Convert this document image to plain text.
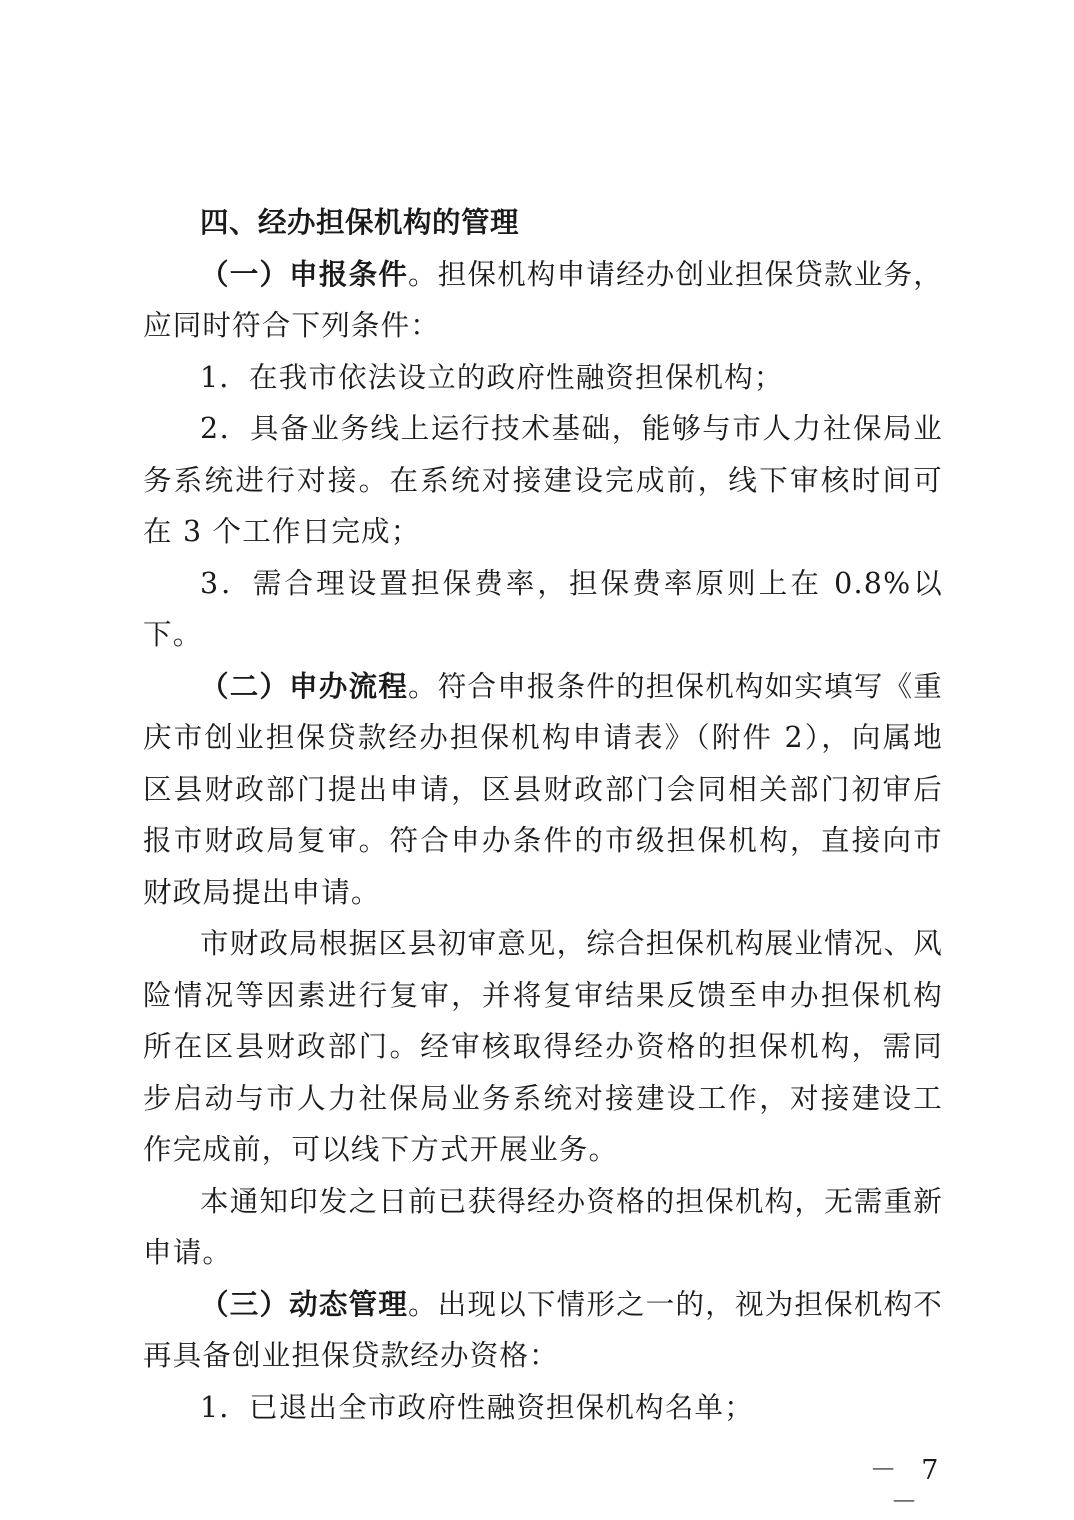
四、经办担保机构的管理

（一）申报条件。担保机构申请经办创业担保贷款业务，应同时符合下列条件：

1．在我市依法设立的政府性融资担保机构；

2．具备业务线上运行技术基础，能够与市人力社保局业务系统进行对接。在系统对接建设完成前，线下审核时间可在 3 个工作日完成；

3．需合理设置担保费率，担保费率原则上在 0.8%以下。

（二）申办流程。符合申报条件的担保机构如实填写《重庆市创业担保贷款经办担保机构申请表》（附件 2），向属地区县财政部门提出申请，区县财政部门会同相关部门初审后报市财政局复审。符合申办条件的市级担保机构，直接向市财政局提出申请。

市财政局根据区县初审意见，综合担保机构展业情况、风险情况等因素进行复审，并将复审结果反馈至申办担保机构所在区县财政部门。经审核取得经办资格的担保机构，需同步启动与市人力社保局业务系统对接建设工作，对接建设工作完成前，可以线下方式开展业务。

本通知印发之日前已获得经办资格的担保机构，无需重新申请。

（三）动态管理。出现以下情形之一的，视为担保机构不再具备创业担保贷款经办资格：

1．已退出全市政府性融资担保机构名单；

－ 7 －
